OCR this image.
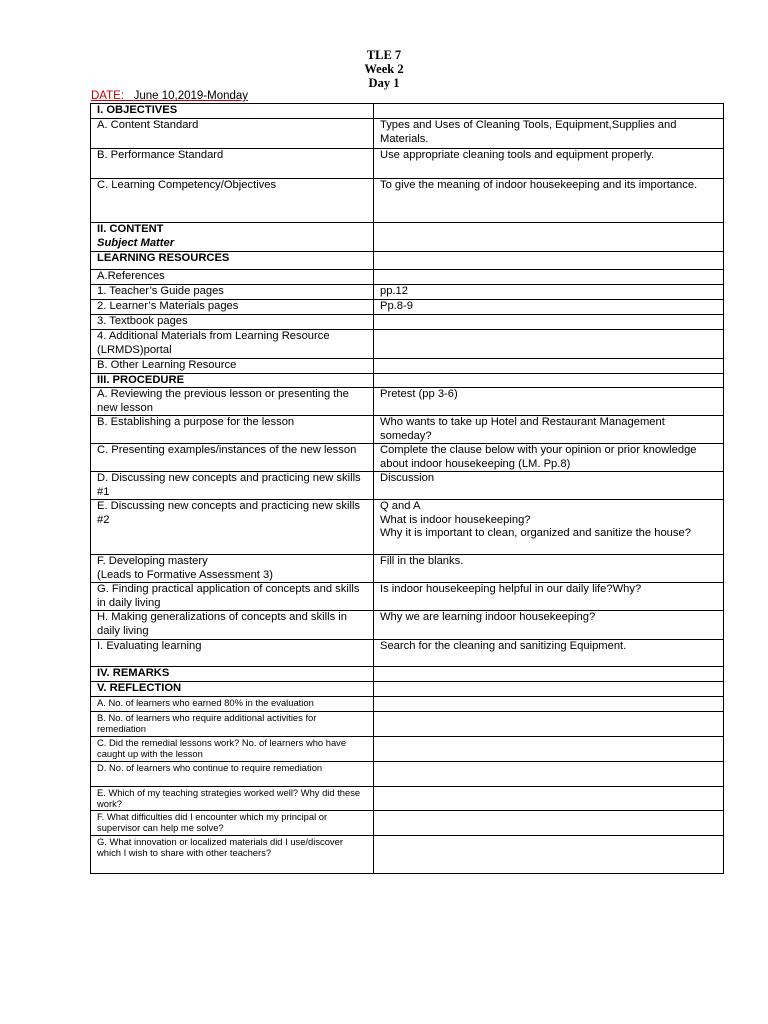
TLE 7
Week 2
Day 1
DATE: June 10,2019-Monday
I. OBJECTIVES	
A. Content Standard	Types and Uses of Cleaning Tools, Equipment,Supplies and Materials.
B. Performance Standard	Use appropriate cleaning tools and equipment properly.
C. Learning Competency/Objectives	To give the meaning of indoor housekeeping and its importance.

II. CONTENT
Subject Matter	

LEARNING RESOURCES	
A.References	
1. Teacher’s Guide pages	pp.12
2. Learner’s Materials pages	Pp.8-9
3. Textbook pages	
4. Additional Materials from Learning Resource (LRMDS)portal	
B. Other Learning Resource	
III. PROCEDURE	
A. Reviewing the previous lesson or presenting the new lesson	Pretest (pp 3-6)
B. Establishing a purpose for the lesson	Who wants to take up Hotel and Restaurant Management someday?
C. Presenting examples/instances of the new lesson	Complete the clause below with your opinion or prior knowledge about indoor housekeeping (LM. Pp.8)
D. Discussing new concepts and practicing new skills #1	Discussion
E. Discussing new concepts and practicing new skills #2	Q and A
What is indoor housekeeping?
Why it is important to clean, organized and sanitize the house?

F. Developing mastery
(Leads to Formative Assessment 3)	Fill in the blanks.
G. Finding practical application of concepts and skills in daily living	Is indoor housekeeping helpful in our daily life?Why?
H. Making generalizations of concepts and skills in daily living	Why we are learning indoor housekeeping?
I. Evaluating learning	Search for the cleaning and sanitizing Equipment.
IV. REMARKS	
V. REFLECTION	
A. No. of learners who earned 80% in the evaluation	
B. No. of learners who require additional activities for remediation	
C. Did the remedial lessons work? No. of learners who have caught up with the lesson	
D. No. of learners who continue to require remediation	
E. Which of my teaching strategies worked well? Why did these work?	
F. What difficulties did I encounter which my principal or supervisor can help me solve?	
G. What innovation or localized materials did I use/discover which I wish to share with other teachers?	
